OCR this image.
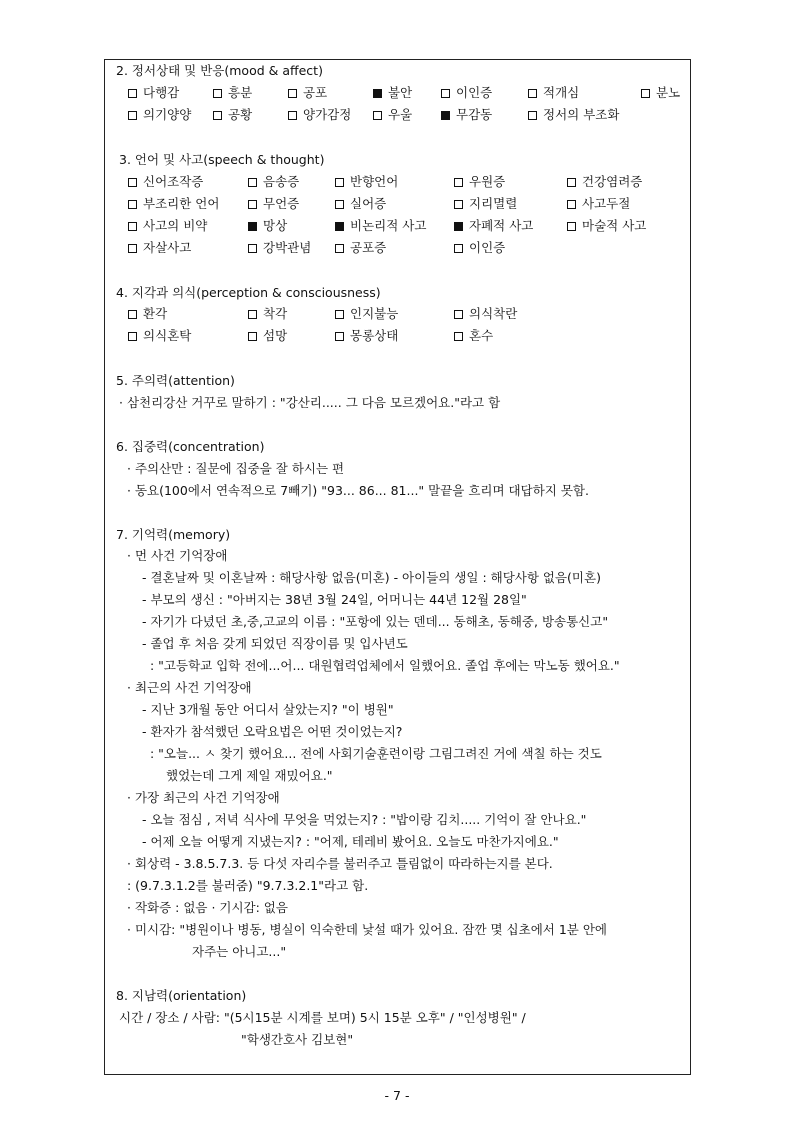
2. 정서상태 및 반응(mood & affect)
다행감	흥분	공포	불안	이인증	적개심	분노
의기양양	공황	양가감정	우울	무감동	정서의 부조화
3. 언어 및 사고(speech & thought)
신어조작증	음송증	반향언어	우원증	건강염려증
부조리한 언어	무언증	실어증	지리멸렬	사고두절
사고의 비약	망상	비논리적 사고	자폐적 사고	마술적 사고
자살사고	강박관념	공포증	이인증
4. 지각과 의식(perception & consciousness)
환각	착각	인지불능	의식착란
의식혼탁	섬망	몽롱상태	혼수
5. 주의력(attention)
· 삼천리강산 거꾸로 말하기 : "강산리..... 그 다음 모르겠어요."라고 함
6. 집중력(concentration)
· 주의산만 : 질문에 집중을 잘 하시는 편
· 동요(100에서 연속적으로 7빼기) "93... 86... 81..." 말끝을 흐리며 대답하지 못함.
7. 기억력(memory)
· 먼 사건 기억장애
- 결혼날짜 및 이혼날짜 : 해당사항 없음(미혼) - 아이들의 생일 : 해당사항 없음(미혼)
- 부모의 생신 : "아버지는 38년 3월 24일, 어머니는 44년 12월 28일"
- 자기가 다녔던 초,중,고교의 이름 : "포항에 있는 덴데... 동해초, 동해중, 방송통신고"
- 졸업 후 처음 갖게 되었던 직장이름 및 입사년도
: "고등학교 입학 전에...어... 대원협력업체에서 일했어요. 졸업 후에는 막노동 했어요."
· 최근의 사건 기억장애
- 지난 3개월 동안 어디서 살았는지? "이 병원"
- 환자가 참석했던 오락요법은 어떤 것이었는지?
: "오늘... ㅅ 찾기 했어요... 전에 사회기술훈련이랑 그림그려진 거에 색칠 하는 것도
했었는데 그게 제일 재밌어요."
· 가장 최근의 사건 기억장애
- 오늘 점심 , 저녁 식사에 무엇을 먹었는지? : "밥이랑 김치..... 기억이 잘 안나요."
- 어제 오늘 어떻게 지냈는지? : "어제, 테레비 봤어요. 오늘도 마찬가지에요."
· 회상력 - 3.8.5.7.3. 등 다섯 자리수를 불러주고 틀림없이 따라하는지를 본다.
: (9.7.3.1.2를 불러줌) "9.7.3.2.1"라고 함.
· 작화증 : 없음 · 기시감: 없음
· 미시감: "병원이나 병동, 병실이 익숙한데 낯설 때가 있어요. 잠깐 몇 십초에서 1분 안에
자주는 아니고..."
8. 지남력(orientation)
시간 / 장소 / 사람: "(5시15분 시계를 보며) 5시 15분 오후" / "인성병원" /
"학생간호사 김보현"
- 7 -
